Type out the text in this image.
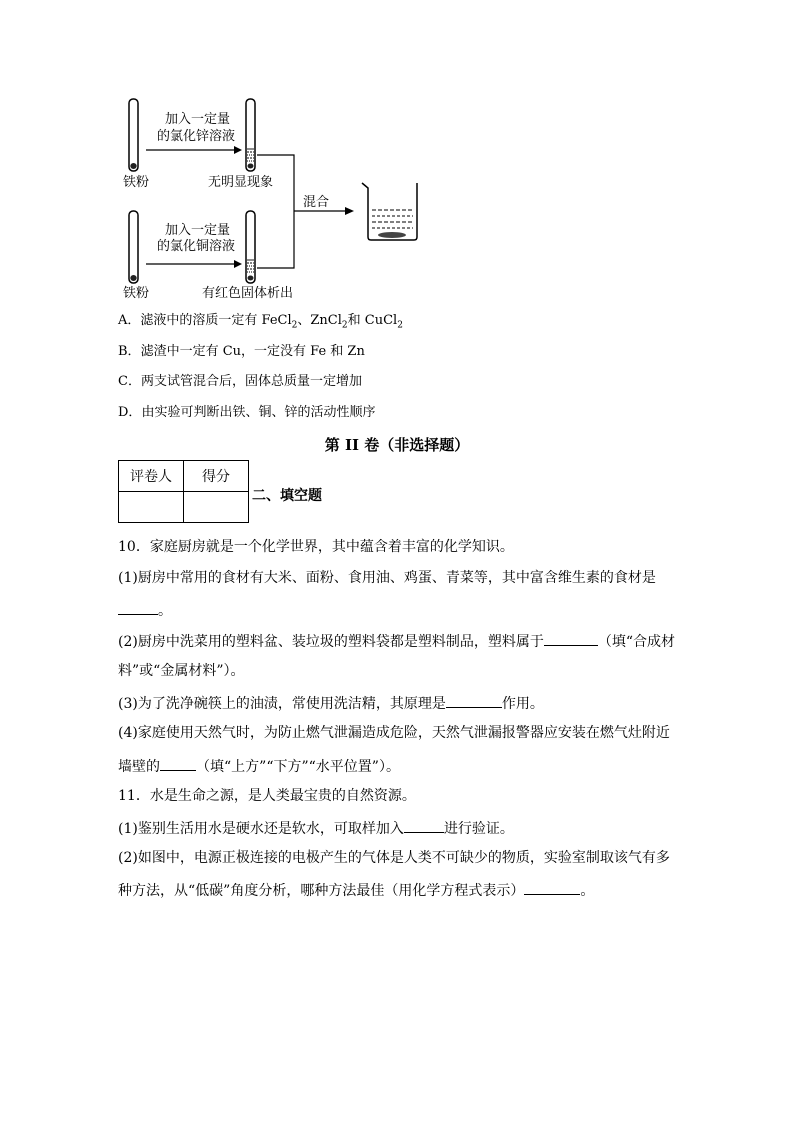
加入一定量
的氯化锌溶液
铁粉	无明显现象
混合
加入一定量
的氯化铜溶液
铁粉	有红色固体析出
A．滤液中的溶质一定有 FeCl$_2$、ZnCl$_2$和 CuCl$_2$
B．滤渣中一定有 Cu，一定没有 Fe 和 Zn
C．两支试管混合后，固体总质量一定增加
D．由实验可判断出铁、铜、锌的活动性顺序
第 II 卷（非选择题）
评卷人	得分

二、填空题
10．家庭厨房就是一个化学世界，其中蕴含着丰富的化学知识。
(1)厨房中常用的食材有大米、面粉、食用油、鸡蛋、青菜等，其中富含维生素的食材是
。
(2)厨房中洗菜用的塑料盆、装垃圾的塑料袋都是塑料制品，塑料属于	（填“合成材
料”或“金属材料”）。
(3)为了洗净碗筷上的油渍，常使用洗洁精，其原理是	作用。
(4)家庭使用天然气时，为防止燃气泄漏造成危险，天然气泄漏报警器应安装在燃气灶附近
墙壁的	（填“上方”“下方”“水平位置”）。
11．水是生命之源，是人类最宝贵的自然资源。
(1)鉴别生活用水是硬水还是软水，可取样加入	进行验证。
(2)如图中，电源正极连接的电极产生的气体是人类不可缺少的物质，实验室制取该气有多
种方法，从“低碳”角度分析，哪种方法最佳（用化学方程式表示）	。
